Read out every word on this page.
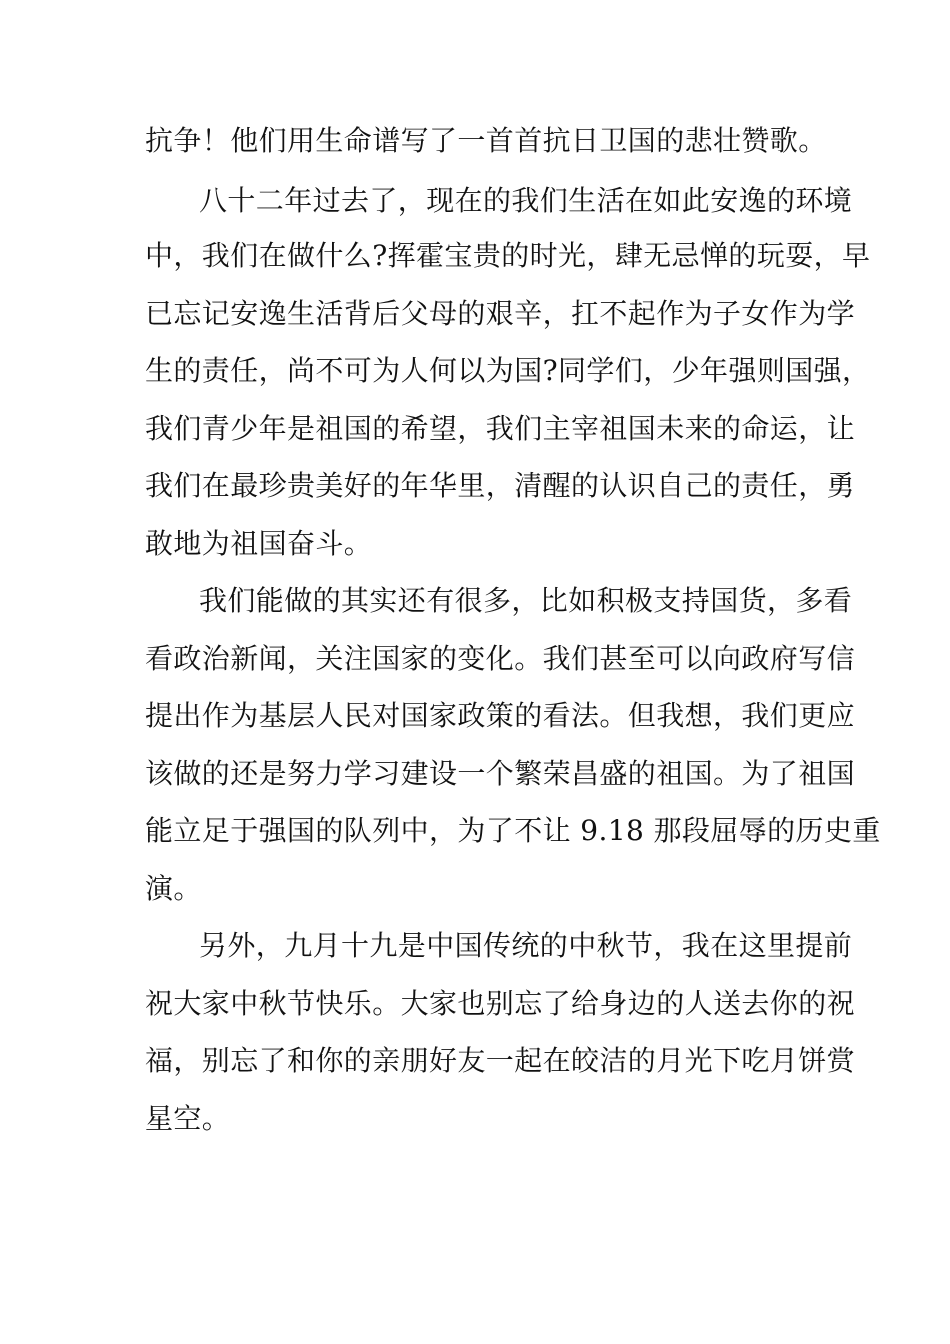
抗争！他们用生命谱写了一首首抗日卫国的悲壮赞歌。
八十二年过去了，现在的我们生活在如此安逸的环境
中，我们在做什么?挥霍宝贵的时光，肆无忌惮的玩耍，早
已忘记安逸生活背后父母的艰辛，扛不起作为子女作为学
生的责任，尚不可为人何以为国?同学们，少年强则国强，
我们青少年是祖国的希望，我们主宰祖国未来的命运，让
我们在最珍贵美好的年华里，清醒的认识自己的责任，勇
敢地为祖国奋斗。
我们能做的其实还有很多，比如积极支持国货，多看
看政治新闻，关注国家的变化。我们甚至可以向政府写信
提出作为基层人民对国家政策的看法。但我想，我们更应
该做的还是努力学习建设一个繁荣昌盛的祖国。为了祖国
能立足于强国的队列中，为了不让 9.18 那段屈辱的历史重
演。
另外，九月十九是中国传统的中秋节，我在这里提前
祝大家中秋节快乐。大家也别忘了给身边的人送去你的祝
福，别忘了和你的亲朋好友一起在皎洁的月光下吃月饼赏
星空。
